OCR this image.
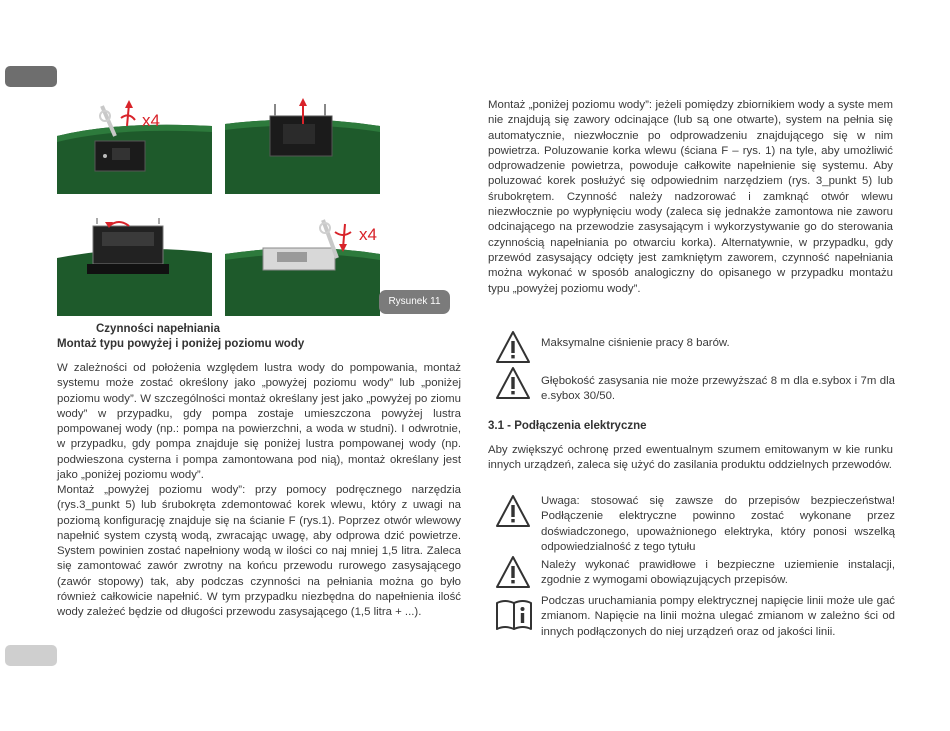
x4
x4
Rysunek 11
Czynności napełniania
Montaż typu powyżej i poniżej poziomu wody

W zależności od położenia względem lustra wody do pompowania, montaż systemu może zostać określony jako „powyżej poziomu wody” lub „poniżej poziomu wody”. W szczególności montaż określany jest jako „powyżej po ziomu wody” w przypadku, gdy pompa zostaje umieszczona powyżej lustra pompowanej wody (np.: pompa na powierzchni, a woda w studni). I odwrotnie, w przypadku, gdy pompa znajduje się poniżej lustra pompowanej wody (np. podwieszona cysterna i pompa zamontowana pod nią), montaż określany jest jako „poniżej poziomu wody”.

Montaż „powyżej poziomu wody”: przy pomocy podręcznego narzędzia (rys.3_punkt 5) lub śrubokręta zdemontować korek wlewu, który z uwagi na poziomą konfigurację znajduje się na ścianie F (rys.1). Poprzez otwór wlewowy napełnić system czystą wodą, zwracając uwagę, aby odprowa dzić powietrze. System powinien zostać napełniony wodą w ilości co naj mniej 1,5 litra. Zaleca się zamontować zawór zwrotny na końcu przewodu rurowego zasysającego (zawór stopowy) tak, aby podczas czynności na pełniania można go było również całkowicie napełnić. W tym przypadku niezbędna do napełnienia ilość wody zależeć będzie od długości przewodu zasysającego (1,5 litra + ...).

Montaż „poniżej poziomu wody”: jeżeli pomiędzy zbiornikiem wody a syste mem nie znajdują się zawory odcinające (lub są one otwarte), system na pełnia się automatycznie, niezwłocznie po odprowadzeniu znajdującego się w nim powietrza. Poluzowanie korka wlewu (ściana F – rys. 1) na tyle, aby umożliwić odprowadzenie powietrza, powoduje całkowite napełnienie się systemu. Aby poluzować korek posłużyć się odpowiednim narzędziem (rys. 3_punkt 5) lub śrubokrętem. Czynność należy nadzorować i zamknąć otwór wlewu niezwłocznie po wypłynięciu wody (zaleca się jednakże zamontowa nie zaworu odcinającego na przewodzie zasysającym i wykorzystywanie go do sterowania czynnością napełniania po otwarciu korka). Alternatywnie, w przypadku, gdy przewód zasysający odcięty jest zamkniętym zaworem, czynność napełniania można wykonać w sposób analogiczny do opisanego w przypadku montażu typu „powyżej poziomu wody”.

Maksymalne ciśnienie pracy 8 barów.

Głębokość zasysania nie może przewyższać 8 m dla e.sybox i 7m dla e.sybox 30/50.

3.1 - Podłączenia elektryczne

Aby zwiększyć ochronę przed ewentualnym szumem emitowanym w kie runku innych urządzeń, zaleca się użyć do zasilania produktu oddzielnych przewodów.

Uwaga: stosować się zawsze do przepisów bezpieczeństwa! Podłączenie elektryczne powinno zostać wykonane przez doświadczonego, upoważnionego elektryka, który ponosi wszelką odpowiedzialność z tego tytułu

Należy wykonać prawidłowe i bezpieczne uziemienie instalacji, zgodnie z wymogami obowiązujących przepisów.

Podczas uruchamiania pompy elektrycznej napięcie linii może ule gać zmianom. Napięcie na linii można ulegać zmianom w zależno ści od innych podłączonych do niej urządzeń oraz od jakości linii.
